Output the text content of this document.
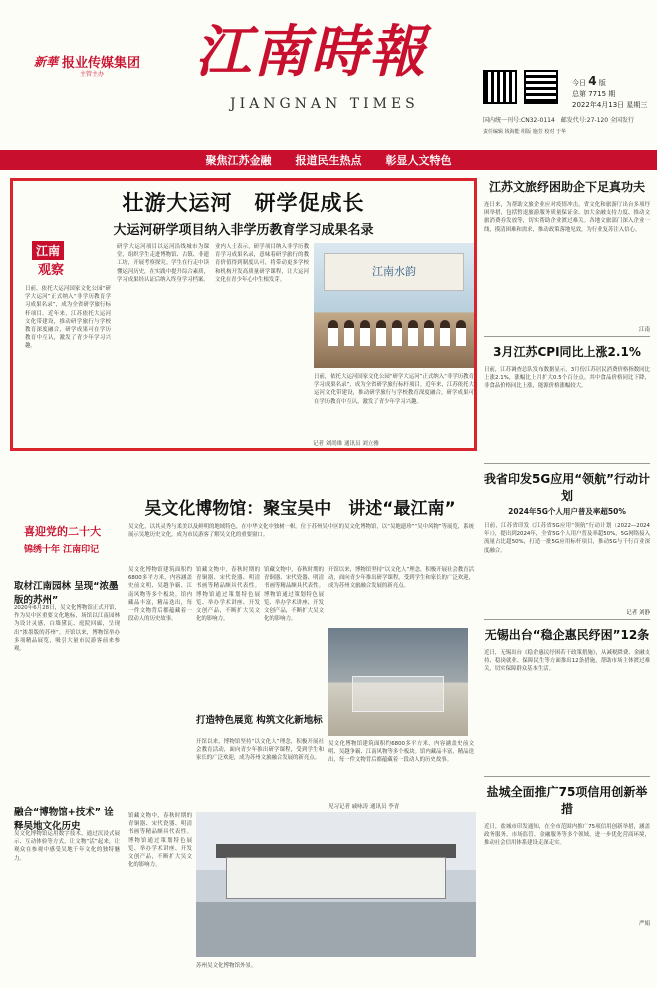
新華 报业传媒集团
主管主办 江南時報
JIANGNAN TIMES
今日 4 版
总第 7715 期
2022年4月13日 星期三
国内统一刊号:CN32-0114　邮发代号:27-120 全国发行
责任编辑 钱海能 组版 施芳 校对 于华
聚焦江苏金融 报道民生热点 彰显人文特色
壮游大运河　研学促成长
大运河研学项目纳入非学历教育学习成果名录
江南
观察
日前，依托大运河国家文化公园“研学大运河”正式纳入“非学历教育学习成果名录”，成为全省研学旅行标杆项目。近年来，江苏依托大运河文化带建设，推动研学旅行与学校教育深度融合，研学成果可在学历教育中互认，激发了青少年学习兴趣。
研学大运河项目以运河沿线城市为课堂，组织学生走进博物馆、古镇、非遗工坊，开展考察探究。学生在行走中读懂运河历史，在实践中提升综合素质，学习成果经认证后纳入终身学习档案。
业内人士表示，研学项目纳入非学历教育学习成果名录，意味着研学旅行的教育价值得到制度认可，将带动更多学校和机构开发高质量研学课程，让大运河文化在青少年心中生根发芽。
江南水韵
日前，依托大运河国家文化公园“研学大运河”正式纳入“非学历教育学习成果名录”，成为全省研学旅行标杆项目。近年来，江苏依托大运河文化带建设，推动研学旅行与学校教育深度融合，研学成果可在学历教育中互认，激发了青少年学习兴趣。
记者 刘尚维 通讯员 刘立雅
江苏文旅纾困助企下足真功夫
连日来，为帮助文旅企业应对疫情冲击，省文化和旅游厅出台多项纾困举措，包括暂退旅游服务质量保证金、加大金融支持力度、推动文旅消费券发放等，切实帮助企业渡过难关。各地文旅部门深入企业一线，摸清困难和需求，推动政策落地见效，为行业复苏注入信心。
江南
3月江苏CPI同比上涨2.1%
日前，江苏调查总队发布数据显示，3月份江苏居民消费价格指数同比上涨2.1%，涨幅比上月扩大0.5个百分点。其中食品价格同比下降，非食品价格同比上涨，能源价格涨幅较大。
我省印发5G应用“领航”行动计划
2024年5G个人用户普及率超50%
日前，江苏省印发《江苏省5G应用“领航”行动计划（2022—2024年）》，提出到2024年，全省5G个人用户普及率超50%，5G网络接入流量占比超50%，打造一批5G应用标杆项目，推动5G与千行百业深度融合。
记者 刘静
无锡出台“稳企惠民纾困”12条
近日，无锡出台《稳企惠民纾困若干政策措施》，从减税降费、金融支持、稳岗就业、保障民生等方面推出12条措施，帮助市场主体渡过难关，切实保障群众基本生活。
盐城全面推广75项信用创新举措
近日，盐城市印发通知，在全市范围内推广75项信用创新举措，涵盖政务服务、市场监管、金融服务等多个领域，进一步优化营商环境，推动社会信用体系建设走深走实。
严娟
吴文化博物馆：聚宝吴中　讲述“最江南”
喜迎党的二十大
锦绣十年 江南印记
取材江南园林 呈现“浓墨版的苏州”
2020年6月28日，吴文化博物馆正式开馆，作为吴中区重要文化地标，场馆以江南园林为设计灵感，白墙黛瓦、庭院回廊，呈现出“浓墨版的苏州”。开馆以来，博物馆举办多项精品展览，吸引大量市民游客前来参观。
融合“博物馆+技术” 诠释吴地文化历史
吴文化博物馆运用数字技术，通过沉浸式展示、互动体验等方式，让文物“活”起来，让观众在参观中感受吴地千年文化的独特魅力。
吴文化，以其灵秀与柔美以及鲜明的地域特色，在中华文化中独树一帜。位于苏州吴中区的吴文化博物馆，以“吴地遗珍”“吴中风物”等展览，系统展示吴地历史文化，成为市民游客了解吴文化的重要窗口。
吴文化博物馆建筑面积约6800多平方米，内容涵盖史前文明、吴越争霸、江南风物等多个板块。馆内藏品丰富，精品迭出，每一件文物背后都蕴藏着一段动人的历史故事。
馆藏文物中，春秋时期的青铜器、宋代瓷器、明清书画等精品颇具代表性。博物馆通过策划特色展览、举办学术讲座、开发文创产品，不断扩大吴文化的影响力。
打造特色展览 构筑文化新地标
开馆以来，博物馆坚持“以文化人”理念，积极开展社会教育活动，面向青少年推出研学课程，受到学生和家长的广泛欢迎，成为苏州文旅融合发展的新亮点。
馆藏文物中，春秋时期的青铜器、宋代瓷器、明清书画等精品颇具代表性。博物馆通过策划特色展览、举办学术讲座、开发文创产品，不断扩大吴文化的影响力。
开馆以来，博物馆坚持“以文化人”理念，积极开展社会教育活动，面向青少年推出研学课程，受到学生和家长的广泛欢迎，成为苏州文旅融合发展的新亮点。
吴文化博物馆建筑面积约6800多平方米，内容涵盖史前文明、吴越争霸、江南风物等多个板块。馆内藏品丰富，精品迭出，每一件文物背后都蕴藏着一段动人的历史故事。
见习记者 戚咏涛 通讯员 李青
馆藏文物中，春秋时期的青铜器、宋代瓷器、明清书画等精品颇具代表性。博物馆通过策划特色展览、举办学术讲座、开发文创产品，不断扩大吴文化的影响力。
苏州吴文化博物馆外景。
